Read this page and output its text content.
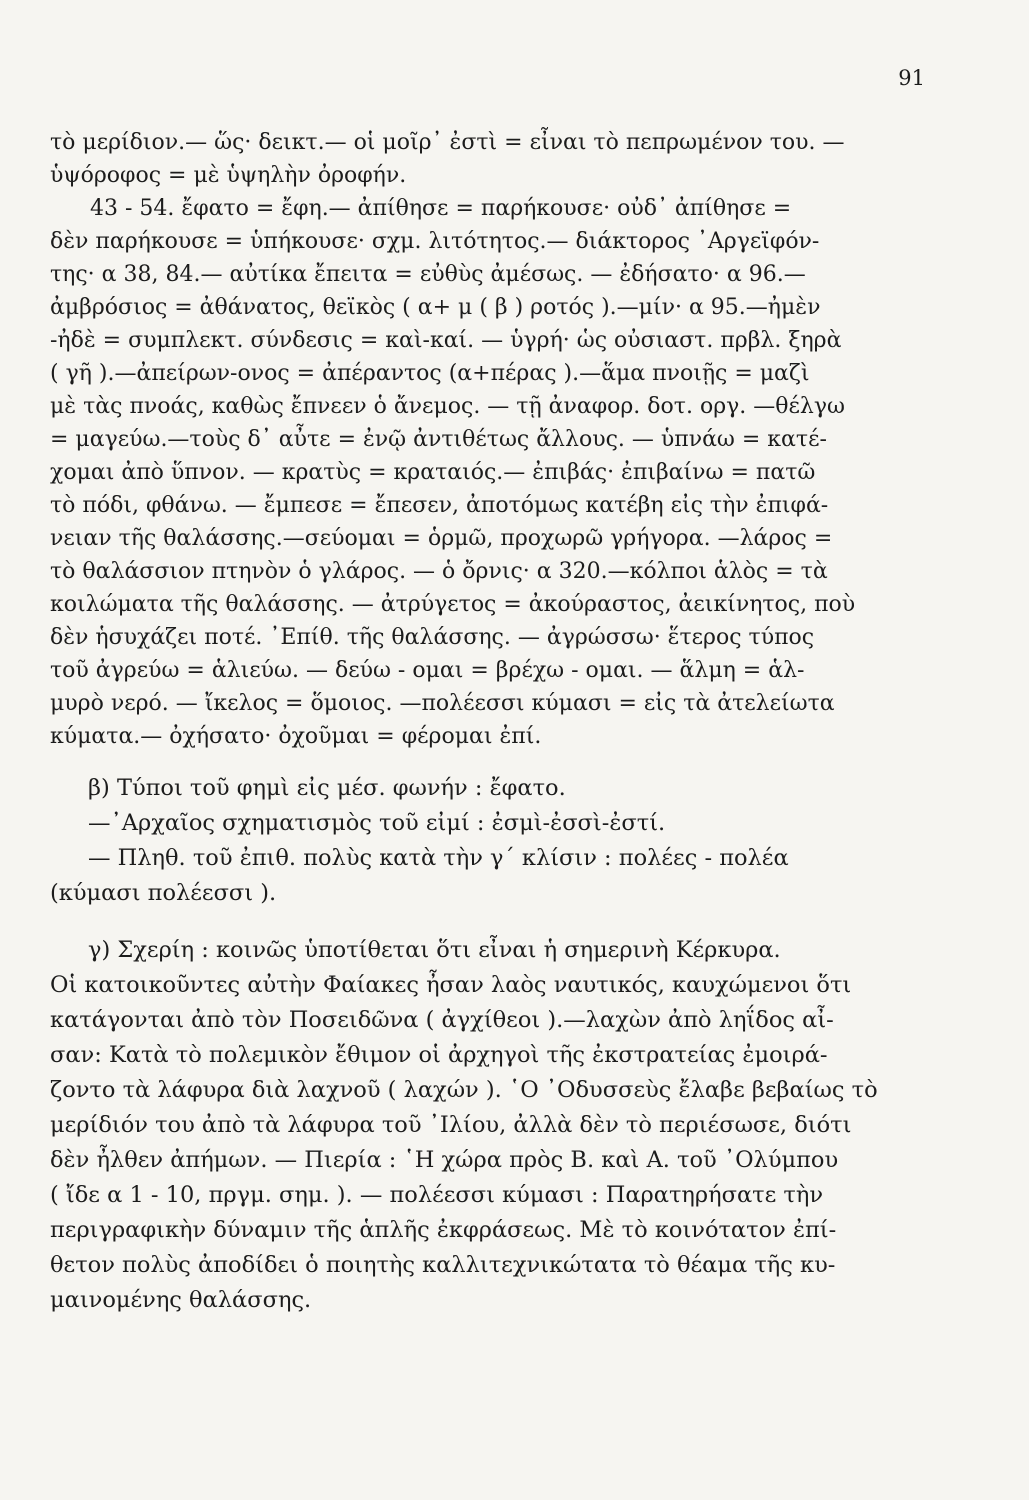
91
τὸ μερίδιον.— ὥς· δεικτ.— οἱ μοῖρ᾽ ἐστὶ = εἶναι τὸ πεπρωμένον του. —
ὑψόροφος = μὲ ὑψηλὴν ὀροφήν.
43 - 54. ἔφατο = ἔφη.— ἀπίθησε = παρήκουσε· οὐδ᾽ ἀπίθησε =
δὲν παρήκουσε = ὑπήκουσε· σχμ. λιτότητος.— διάκτορος ᾽Αργεϊφόν-
της· α 38, 84.— αὐτίκα ἔπειτα = εὐθὺς ἀμέσως. — ἐδήσατο· α 96.—
ἀμβρόσιος = ἀθάνατος, θεϊκὸς ( α+ μ ( β ) ροτός ).—μίν· α 95.—ἠμὲν
-ἠδὲ = συμπλεκτ. σύνδεσις = καὶ-καί. — ὑγρή· ὡς οὐσιαστ. πρβλ. ξηρὰ
( γῆ ).—ἀπείρων-ονος = ἀπέραντος (α+πέρας ).—ἅμα πνοιῇς = μαζὶ
μὲ τὰς πνοάς, καθὼς ἔπνεεν ὁ ἄνεμος. — τῇ ἀναφορ. δοτ. οργ. —θέλγω
= μαγεύω.—τοὺς δ᾽ αὖτε = ἐνῷ ἀντιθέτως ἄλλους. — ὑπνάω = κατέ-
χομαι ἀπὸ ὕπνον. — κρατὺς = κραταιός.— ἐπιβάς· ἐπιβαίνω = πατῶ
τὸ πόδι, φθάνω. — ἔμπεσε = ἔπεσεν, ἀποτόμως κατέβη εἰς τὴν ἐπιφά-
νειαν τῆς θαλάσσης.—σεύομαι = ὁρμῶ, προχωρῶ γρήγορα. —λάρος =
τὸ θαλάσσιον πτηνὸν ὁ γλάρος. — ὁ ὄρνις· α 320.—κόλποι ἁλὸς = τὰ
κοιλώματα τῆς θαλάσσης. — ἀτρύγετος = ἀκούραστος, ἀεικίνητος, ποὺ
δὲν ἡσυχάζει ποτέ. ᾽Επίθ. τῆς θαλάσσης. — ἀγρώσσω· ἕτερος τύπος
τοῦ ἀγρεύω = ἁλιεύω. — δεύω - ομαι = βρέχω - ομαι. — ἅλμη = ἁλ-
μυρὸ νερό. — ἴκελος = ὅμοιος. —πολέεσσι κύμασι = εἰς τὰ ἀτελείωτα
κύματα.— ὀχήσατο· ὀχοῦμαι = φέρομαι ἐπί.
β) Τύποι τοῦ φημὶ εἰς μέσ. φωνήν : ἔφατο.
—᾽Αρχαῖος σχηματισμὸς τοῦ εἰμί : ἐσμὶ-ἐσσὶ-ἐστί.
— Πληθ. τοῦ ἐπιθ. πολὺς κατὰ τὴν γ´ κλίσιν : πολέες - πολέα
(κύμασι πολέεσσι ).
γ) Σχερίη : κοινῶς ὑποτίθεται ὅτι εἶναι ἡ σημερινὴ Κέρκυρα.
Οἱ κατοικοῦντες αὐτὴν Φαίακες ἦσαν λαὸς ναυτικός, καυχώμενοι ὅτι
κατάγονται ἀπὸ τὸν Ποσειδῶνα ( ἀγχίθεοι ).—λαχὼν ἀπὸ ληΐδος αἶ-
σαν: Κατὰ τὸ πολεμικὸν ἔθιμον οἱ ἀρχηγοὶ τῆς ἐκστρατείας ἐμοιρά-
ζοντο τὰ λάφυρα διὰ λαχνοῦ ( λαχών ). ῾Ο ᾽Οδυσσεὺς ἔλαβε βεβαίως τὸ
μερίδιόν του ἀπὸ τὰ λάφυρα τοῦ ᾽Ιλίου, ἀλλὰ δὲν τὸ περιέσωσε, διότι
δὲν ἦλθεν ἀπήμων. — Πιερία : ῾Η χώρα πρὸς Β. καὶ Α. τοῦ ᾽Ολύμπου
( ἴδε α 1 - 10, πργμ. σημ. ). — πολέεσσι κύμασι : Παρατηρήσατε τὴν
περιγραφικὴν δύναμιν τῆς ἁπλῆς ἐκφράσεως. Μὲ τὸ κοινότατον ἐπί-
θετον πολὺς ἀποδίδει ὁ ποιητὴς καλλιτεχνικώτατα τὸ θέαμα τῆς κυ-
μαινομένης θαλάσσης.
